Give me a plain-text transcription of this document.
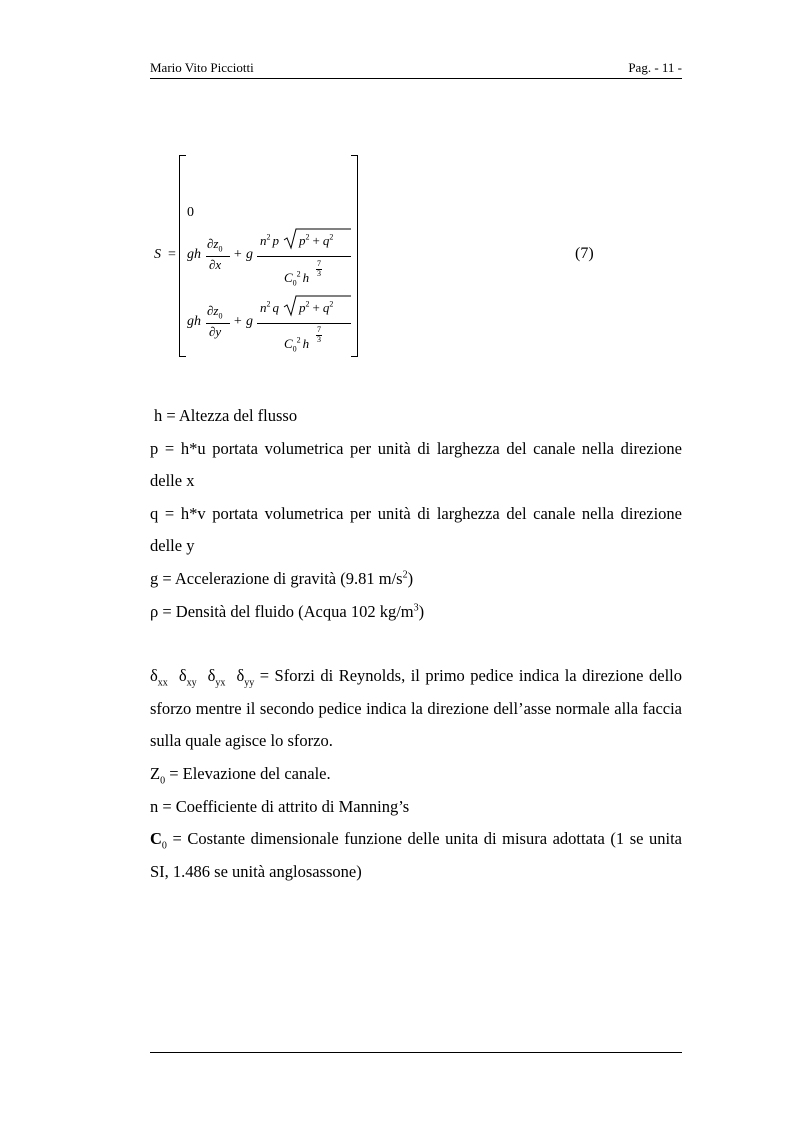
Mario Vito Picciotti	Pag. - 11 -
S =
0
gh
$\partial z_0$
∂x
+ g
$n^2$ p $p^2 + q^2$
7
3
$C_0^2$ h
gh
$\partial z_0$
∂y
+ g
$n^2$ q $p^2 + q^2$
7
3
$C_0^2$ h
(7)

h = Altezza del flusso

p = h*u portata volumetrica per unità di larghezza del canale nella direzione delle x

q = h*v portata volumetrica per unità di larghezza del canale nella direzione delle y

g = Accelerazione di gravità (9.81 $m/s^2$)

ρ = Densità del fluido (Acqua 102 $kg/m^3$)

$\delta_{xx}$ $\delta_{xy}$ $\delta_{yx}$ $\delta_{yy}$ = Sforzi di Reynolds, il primo pedice indica la direzione dello sforzo mentre il secondo pedice indica la direzione dell’asse normale alla faccia sulla quale agisce lo sforzo.

$Z_0$ = Elevazione del canale.

n = Coefficiente di attrito di Manning’s

$C_0$ = Costante dimensionale funzione delle unita di misura adottata (1 se unita SI, 1.486 se unità anglosassone)
